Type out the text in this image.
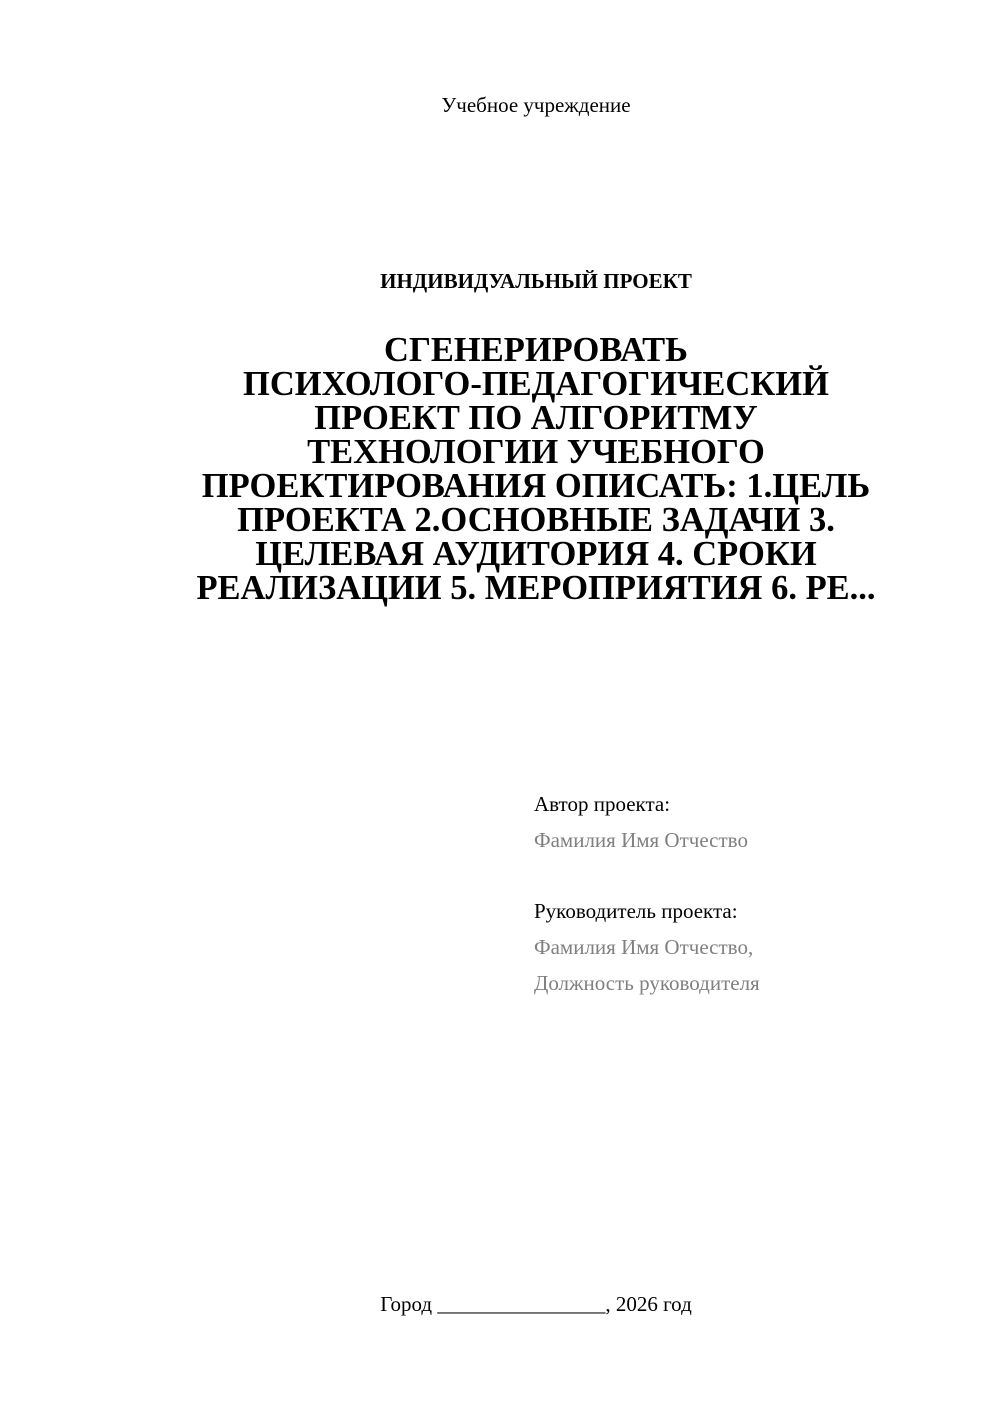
Учебное учреждение
ИНДИВИДУАЛЬНЫЙ ПРОЕКТ
СГЕНЕРИРОВАТЬ
ПСИХОЛОГО-ПЕДАГОГИЧЕСКИЙ
ПРОЕКТ ПО АЛГОРИТМУ
ТЕХНОЛОГИИ УЧЕБНОГО
ПРОЕКТИРОВАНИЯ ОПИСАТЬ: 1.ЦЕЛЬ
ПРОЕКТА 2.ОСНОВНЫЕ ЗАДАЧИ 3.
ЦЕЛЕВАЯ АУДИТОРИЯ 4. СРОКИ
РЕАЛИЗАЦИИ 5. МЕРОПРИЯТИЯ 6. РЕ...
Автор проекта:
Фамилия Имя Отчество
Руководитель проекта:
Фамилия Имя Отчество,
Должность руководителя
Город ________________, 2026 год
